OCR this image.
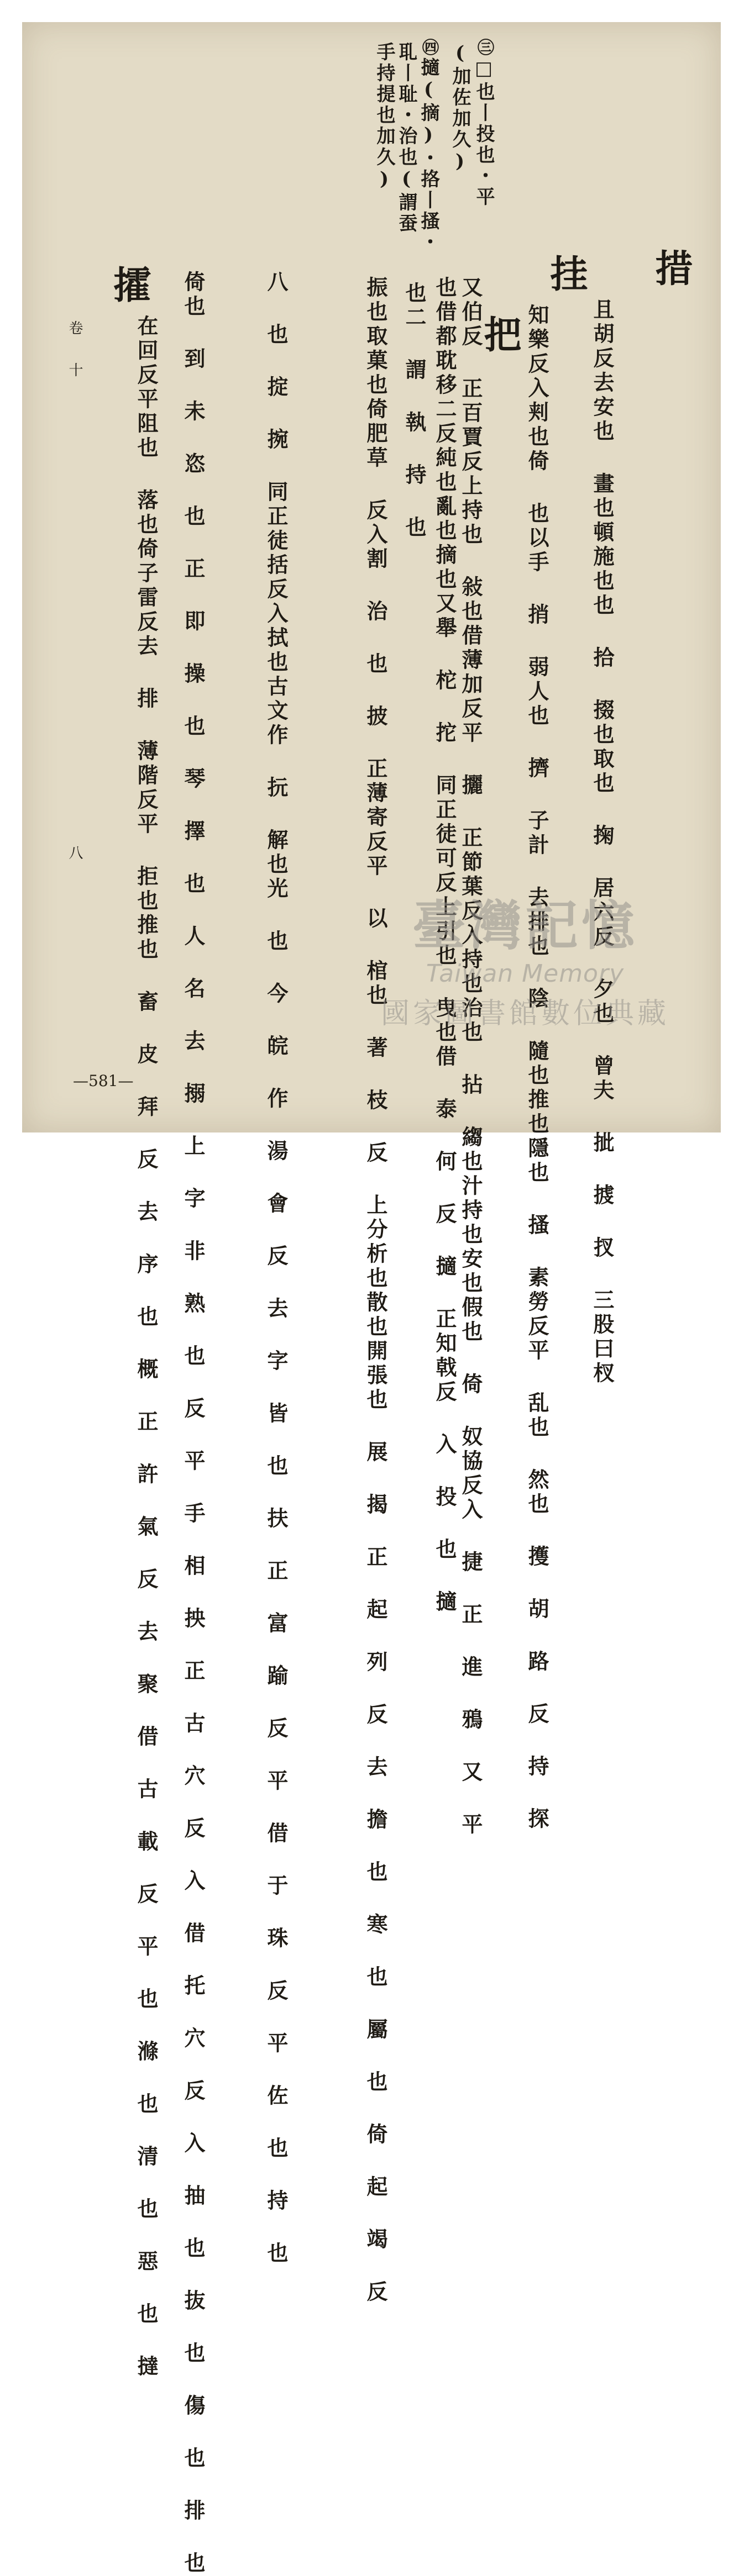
㊂□也丨投也・平
(加佐加久)
㊃擿(摘)・挌丨搔・
耴丨耻・治也(謂蚕
手持提也加久)
措
且胡反去安也 畫也頓施也也 拾 掇也取也 掬 居六反 夕也 曾夫 㧗 㨜 扠 三股曰杈
挂
知樂反入刾也倚 也以手 捎 弱人也 擠 子計 去排也 陰 隨也推也隱也 搔 素勞反平 乱也 然也 擭 胡 路 反 持 探
把
又伯反 正百賈反上持也 敍也借薄加反平 攦 正節葉反入持也治也 拈 縐也汁持也安也假也 倚 奴協反入 捷 正 進 鴉 又 平
也借都耽移二反純也亂也摘也又舉 柁 拕 同正徒可反上引也 曳也借 泰 何 反 擿 正知戟反 入 投 也 擿
也二 謂 執 持 也
振也取菓也倚肥草 反入割 治 也 披 正薄寄反平 以 棺也 著 枝 反 上分析也散也開張也 展 揭 正 起 列 反 去 擔 也 寒 也 屬 也 倚 起 竭 反
八 也 掟 捥 同正徒括反入拭也古文作 抏 解也光 也 今 皖 作 湯 會 反 去 字 皆 也 扶 正 富 踰 反 平 借 于 珠 反 平 佐 也 持 也
倚也 到 未 恣 也 正 即 操 也 琴 擇 也 人 名 去 搦 上 字 非 熟 也 反 平 手 相 抰 正 古 穴 反 入 借 托 穴 反 入 抽 也 抜 也 傷 也 排 也
攉
在回反平阻也 落也倚子雷反去 排 薄階反平 拒也推也 畜 皮 拜 反 去 序 也 概 正 許 氣 反 去 聚 借 古 載 反 平 也 滌 也 清 也 惡 也 撻
卷 十
八
臺灣記憶
Taiwan Memory
國家圖書館數位典藏
—581—
